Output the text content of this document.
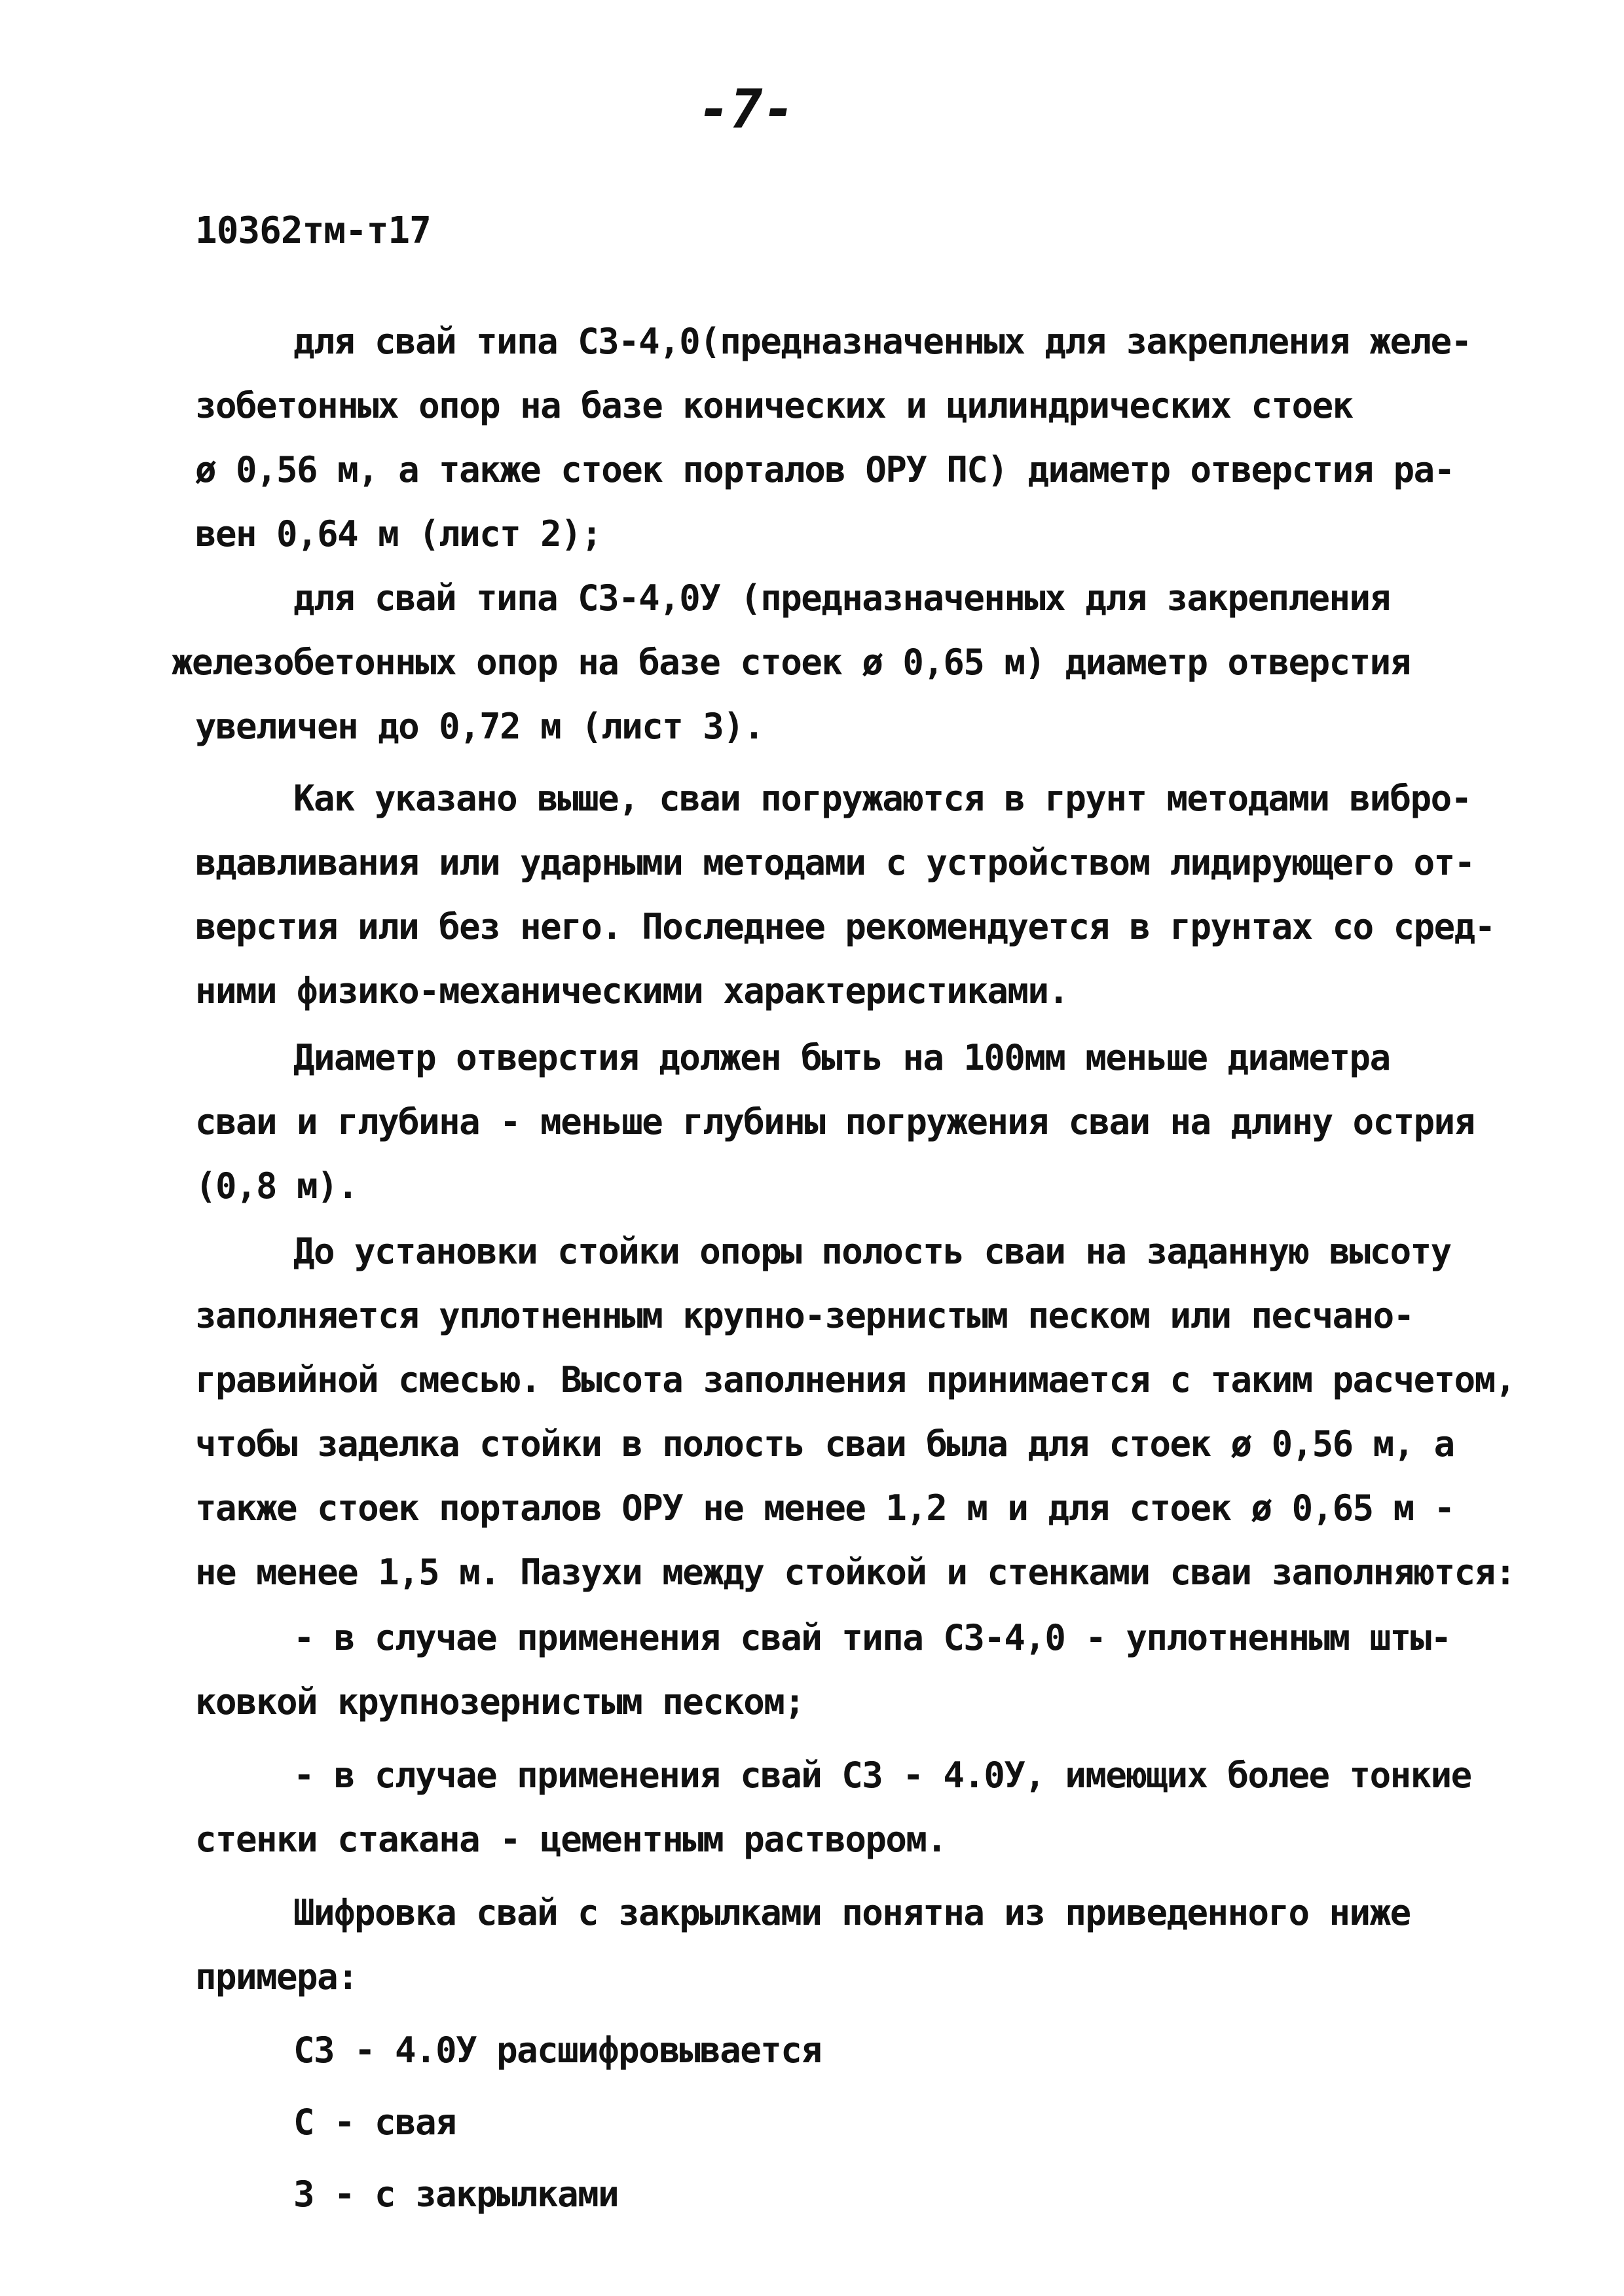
-7-
10362тм-т17
для свай типа С3-4,0(предназначенных для закрепления желе-
зобетонных опор на базе конических и цилиндрических стоек
ø 0,56 м, а также стоек порталов ОРУ ПС) диаметр отверстия ра-
вен 0,64 м (лист 2);
для свай типа С3-4,0У (предназначенных для закрепления
железобетонных опор на базе стоек ø 0,65 м) диаметр отверстия
увеличен до 0,72 м (лист 3).
Как указано выше, сваи погружаются в грунт методами вибро-
вдавливания или ударными методами с устройством лидирующего от-
верстия или без него. Последнее рекомендуется в грунтах со сред-
ними физико-механическими характеристиками.
Диаметр отверстия должен быть на 100мм меньше диаметра
сваи и глубина - меньше глубины погружения сваи на длину острия
(0,8 м).
До установки стойки опоры полость сваи на заданную высоту
заполняется уплотненным крупно-зернистым песком или песчано-
гравийной смесью. Высота заполнения принимается с таким расчетом,
чтобы заделка стойки в полость сваи была для стоек ø 0,56 м, а
также стоек порталов ОРУ не менее 1,2 м и для стоек ø 0,65 м -
не менее 1,5 м. Пазухи между стойкой и стенками сваи заполняются:
- в случае применения свай типа С3-4,0 - уплотненным шты-
ковкой крупнозернистым песком;
- в случае применения свай С3 - 4.0У, имеющих более тонкие
стенки стакана - цементным раствором.
Шифровка свай с закрылками понятна из приведенного ниже
примера:
С3 - 4.0У расшифровывается
С - свая
3 - с закрылками
